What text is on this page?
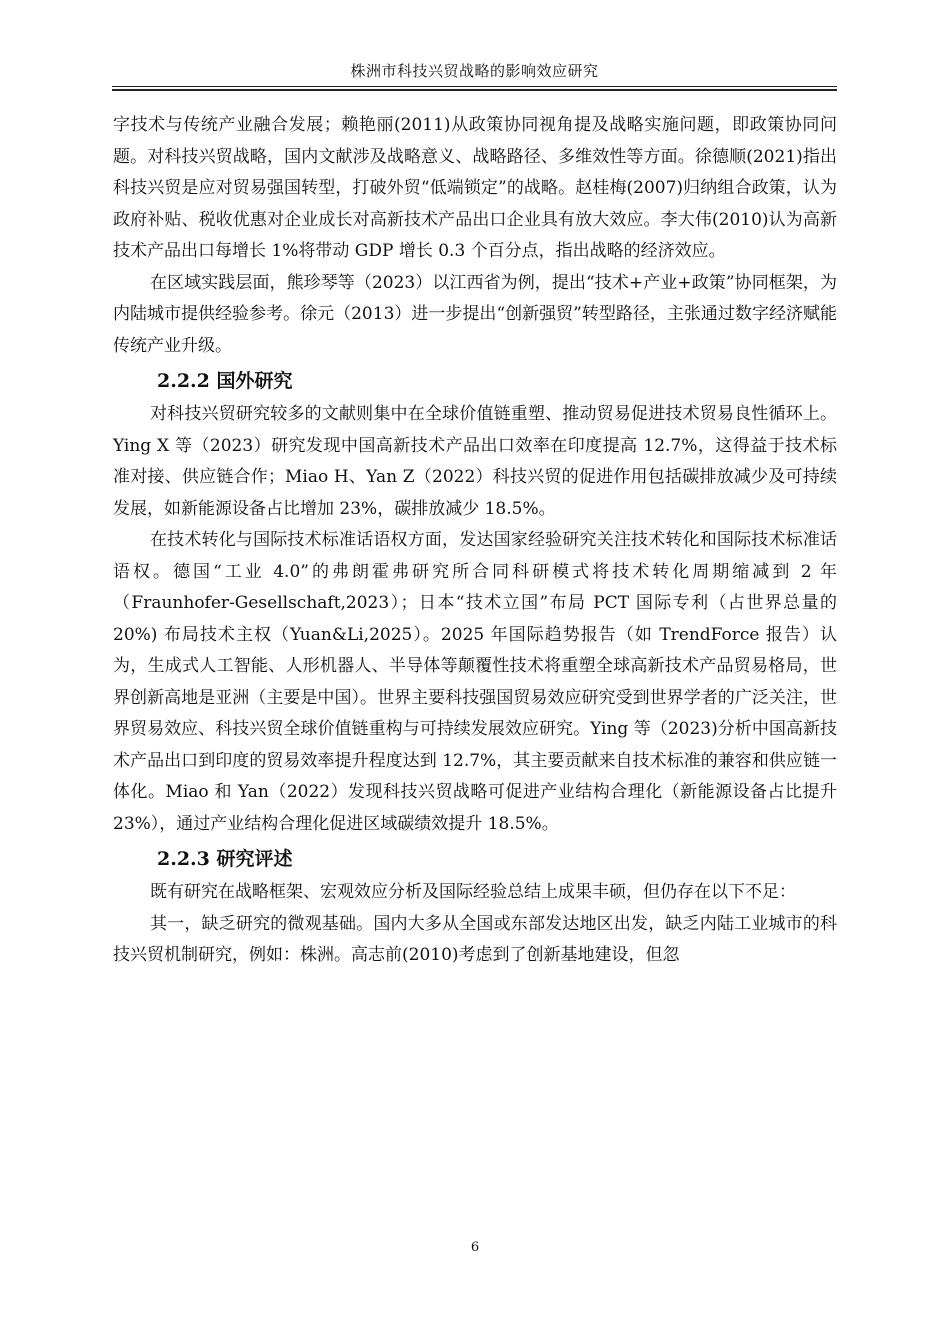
株洲市科技兴贸战略的影响效应研究

字技术与传统产业融合发展；赖艳丽(2011)从政策协同视角提及战略实施问题，即政策协同问题。对科技兴贸战略，国内文献涉及战略意义、战略路径、多维效性等方面。徐德顺(2021)指出科技兴贸是应对贸易强国转型，打破外贸“低端锁定”的战略。赵桂梅(2007)归纳组合政策，认为政府补贴、税收优惠对企业成长对高新技术产品出口企业具有放大效应。李大伟(2010)认为高新技术产品出口每增长 1%将带动 GDP 增长 0.3 个百分点，指出战略的经济效应。

在区域实践层面，熊珍琴等（2023）以江西省为例，提出“技术+产业+政策”协同框架，为内陆城市提供经验参考。徐元（2013）进一步提出“创新强贸”转型路径，主张通过数字经济赋能传统产业升级。

2.2.2 国外研究

对科技兴贸研究较多的文献则集中在全球价值链重塑、推动贸易促进技术贸易良性循环上。Ying X 等（2023）研究发现中国高新技术产品出口效率在印度提高 12.7%，这得益于技术标准对接、供应链合作；Miao H、Yan Z（2022）科技兴贸的促进作用包括碳排放减少及可持续发展，如新能源设备占比增加 23%，碳排放减少 18.5%。

在技术转化与国际技术标准话语权方面，发达国家经验研究关注技术转化和国际技术标准话语权。德国“工业 4.0”的弗朗霍弗研究所合同科研模式将技术转化周期缩减到 2 年（Fraunhofer-Gesellschaft,2023）；日本“技术立国”布局 PCT 国际专利（占世界总量的 20%) 布局技术主权（Yuan&Li,2025）。2025 年国际趋势报告（如 TrendForce 报告）认为，生成式人工智能、人形机器人、半导体等颠覆性技术将重塑全球高新技术产品贸易格局，世界创新高地是亚洲（主要是中国）。世界主要科技强国贸易效应研究受到世界学者的广泛关注，世界贸易效应、科技兴贸全球价值链重构与可持续发展效应研究。Ying 等（2023)分析中国高新技术产品出口到印度的贸易效率提升程度达到 12.7%，其主要贡献来自技术标准的兼容和供应链一体化。Miao 和 Yan（2022）发现科技兴贸战略可促进产业结构合理化（新能源设备占比提升 23%），通过产业结构合理化促进区域碳绩效提升 18.5%。

2.2.3 研究评述

既有研究在战略框架、宏观效应分析及国际经验总结上成果丰硕，但仍存在以下不足：

其一，缺乏研究的微观基础。国内大多从全国或东部发达地区出发，缺乏内陆工业城市的科技兴贸机制研究，例如：株洲。高志前(2010)考虑到了创新基地建设，但忽

6
